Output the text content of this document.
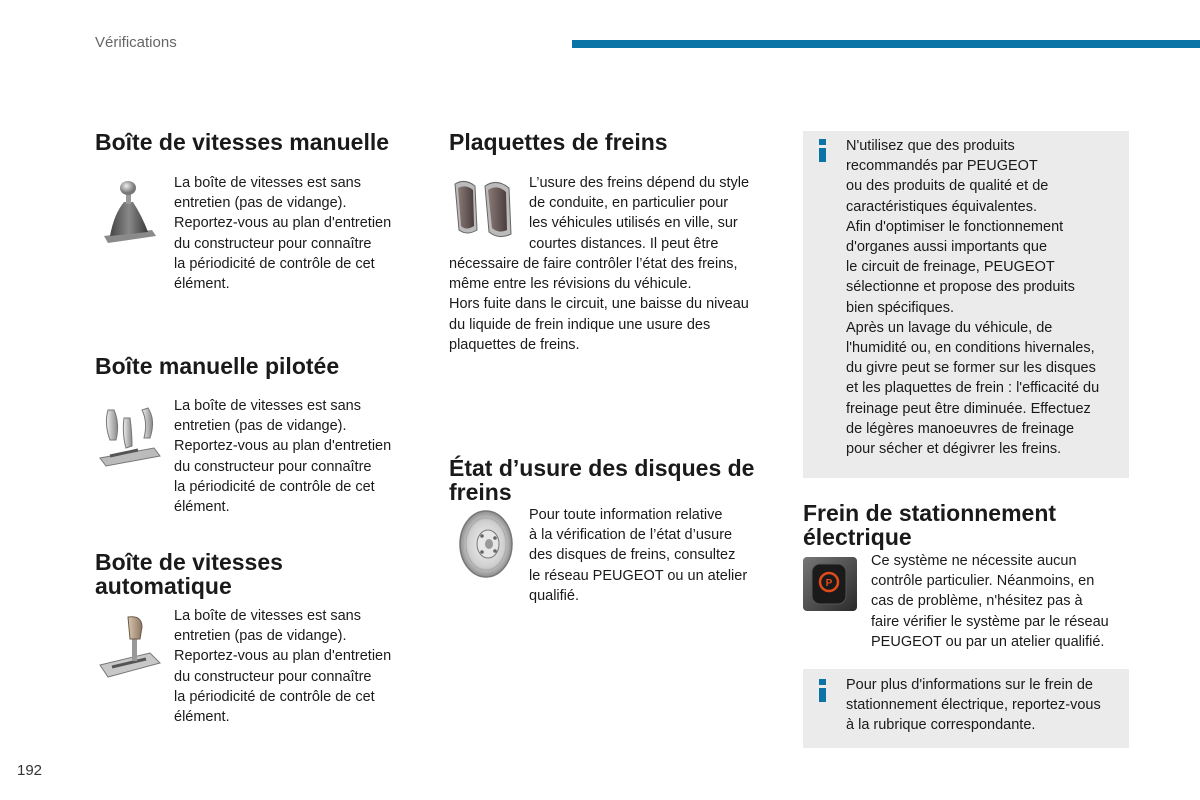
Vérifications
Boîte de vitesses manuelle

La boîte de vitesses est sans

entretien (pas de vidange).

Reportez-vous au plan d'entretien

du constructeur pour connaître

la périodicité de contrôle de cet

élément.

Boîte manuelle pilotée

La boîte de vitesses est sans

entretien (pas de vidange).

Reportez-vous au plan d'entretien

du constructeur pour connaître

la périodicité de contrôle de cet

élément.

Boîte de vitesses
automatique

La boîte de vitesses est sans

entretien (pas de vidange).

Reportez-vous au plan d'entretien

du constructeur pour connaître

la périodicité de contrôle de cet

élément.

Plaquettes de freins

L’usure des freins dépend du style

de conduite, en particulier pour

les véhicules utilisés en ville, sur

courtes distances. Il peut être

nécessaire de faire contrôler l’état des freins,

même entre les révisions du véhicule.

Hors fuite dans le circuit, une baisse du niveau

du liquide de frein indique une usure des

plaquettes de freins.

État d’usure des disques de
freins

Pour toute information relative

à la vérification de l’état d’usure

des disques de freins, consultez

le réseau PEUGEOT ou un atelier

qualifié.

N'utilisez que des produits

recommandés par PEUGEOT

ou des produits de qualité et de

caractéristiques équivalentes.

Afin d'optimiser le fonctionnement

d'organes aussi importants que

le circuit de freinage, PEUGEOT

sélectionne et propose des produits

bien spécifiques.

Après un lavage du véhicule, de

l'humidité ou, en conditions hivernales,

du givre peut se former sur les disques

et les plaquettes de frein : l'efficacité du

freinage peut être diminuée. Effectuez

de légères manoeuvres de freinage

pour sécher et dégivrer les freins.

Frein de stationnement
électrique
P

Ce système ne nécessite aucun

contrôle particulier. Néanmoins, en

cas de problème, n'hésitez pas à

faire vérifier le système par le réseau

PEUGEOT ou par un atelier qualifié.

Pour plus d'informations sur le frein de

stationnement électrique, reportez-vous

à la rubrique correspondante.

192
